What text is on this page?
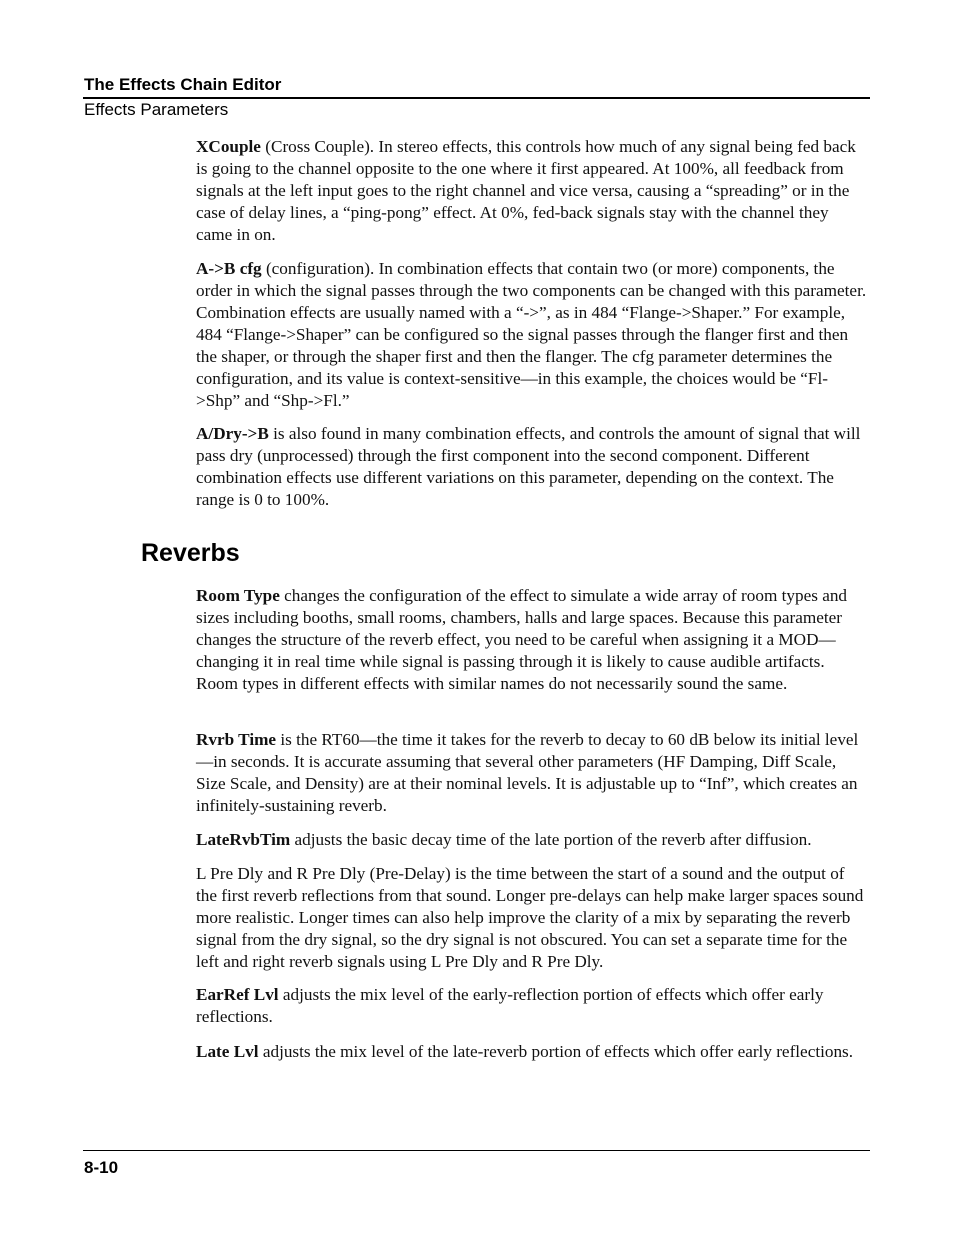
The Effects Chain Editor
Effects Parameters

XCouple (Cross Couple). In stereo effects, this controls how much of any signal being fed back is going to the channel opposite to the one where it first appeared. At 100%, all feedback from signals at the left input goes to the right channel and vice versa, causing a “spreading” or in the case of delay lines, a “ping-pong” effect. At 0%, fed-back signals stay with the channel they came in on.

A->B cfg (configuration). In combination effects that contain two (or more) components, the order in which the signal passes through the two components can be changed with this parameter. Combination effects are usually named with a “->”, as in 484 “Flange->Shaper.” For example, 484 “Flange->Shaper” can be configured so the signal passes through the flanger first and then the shaper, or through the shaper first and then the flanger. The cfg parameter determines the configuration, and its value is context-sensitive—in this example, the choices would be “Fl->Shp” and “Shp->Fl.”

A/Dry->B is also found in many combination effects, and controls the amount of signal that will pass dry (unprocessed) through the first component into the second component. Different combination effects use different variations on this parameter, depending on the context. The range is 0 to 100%.

Reverbs

Room Type changes the configuration of the effect to simulate a wide array of room types and sizes including booths, small rooms, chambers, halls and large spaces. Because this parameter changes the structure of the reverb effect, you need to be careful when assigning it a MOD— changing it in real time while signal is passing through it is likely to cause audible artifacts. Room types in different effects with similar names do not necessarily sound the same.

Rvrb Time is the RT60—the time it takes for the reverb to decay to 60 dB below its initial level—in seconds. It is accurate assuming that several other parameters (HF Damping, Diff Scale, Size Scale, and Density) are at their nominal levels. It is adjustable up to “Inf”, which creates an infinitely-sustaining reverb.

LateRvbTim adjusts the basic decay time of the late portion of the reverb after diffusion.

L Pre Dly and R Pre Dly (Pre-Delay) is the time between the start of a sound and the output of the first reverb reflections from that sound. Longer pre-delays can help make larger spaces sound more realistic. Longer times can also help improve the clarity of a mix by separating the reverb signal from the dry signal, so the dry signal is not obscured. You can set a separate time for the left and right reverb signals using L Pre Dly and R Pre Dly.

EarRef Lvl adjusts the mix level of the early-reflection portion of effects which offer early reflections.

Late Lvl adjusts the mix level of the late-reverb portion of effects which offer early reflections.

8-10
